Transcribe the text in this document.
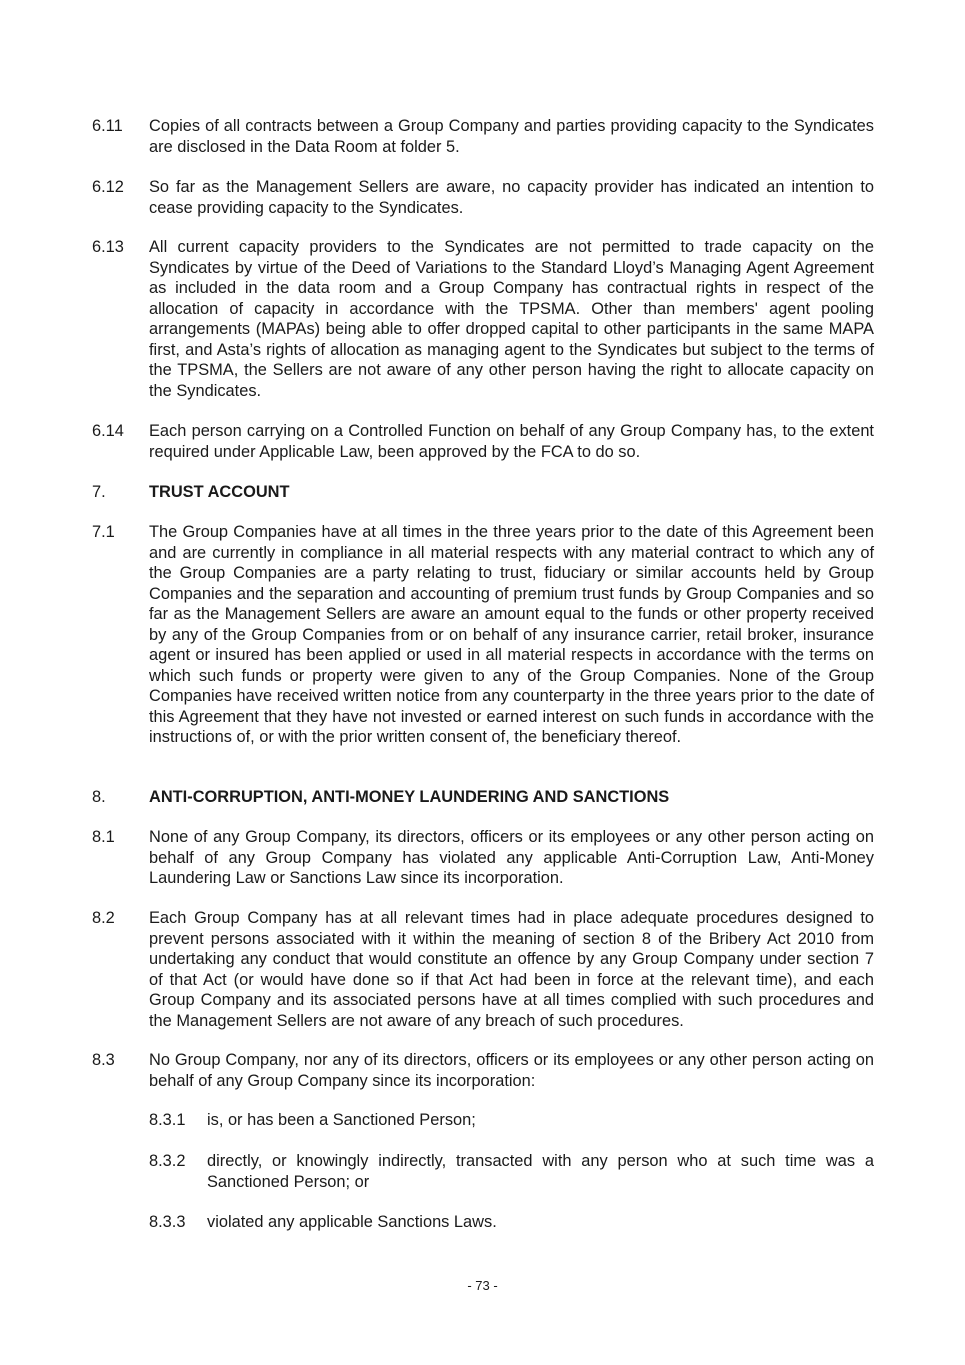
6.11 Copies of all contracts between a Group Company and parties providing capacity to the Syndicates are disclosed in the Data Room at folder 5.
6.12 So far as the Management Sellers are aware, no capacity provider has indicated an intention to cease providing capacity to the Syndicates.
6.13 All current capacity providers to the Syndicates are not permitted to trade capacity on the Syndicates by virtue of the Deed of Variations to the Standard Lloyd’s Managing Agent Agreement as included in the data room and a Group Company has contractual rights in respect of the allocation of capacity in accordance with the TPSMA. Other than members' agent pooling arrangements (MAPAs) being able to offer dropped capital to other participants in the same MAPA first, and Asta’s rights of allocation as managing agent to the Syndicates but subject to the terms of the TPSMA, the Sellers are not aware of any other person having the right to allocate capacity on the Syndicates.
6.14 Each person carrying on a Controlled Function on behalf of any Group Company has, to the extent required under Applicable Law, been approved by the FCA to do so.
7.	TRUST ACCOUNT
7.1 The Group Companies have at all times in the three years prior to the date of this Agreement been and are currently in compliance in all material respects with any material contract to which any of the Group Companies are a party relating to trust, fiduciary or similar accounts held by Group Companies and the separation and accounting of premium trust funds by Group Companies and so far as the Management Sellers are aware an amount equal to the funds or other property received by any of the Group Companies from or on behalf of any insurance carrier, retail broker, insurance agent or insured has been applied or used in all material respects in accordance with the terms on which such funds or property were given to any of the Group Companies. None of the Group Companies have received written notice from any counterparty in the three years prior to the date of this Agreement that they have not invested or earned interest on such funds in accordance with the instructions of, or with the prior written consent of, the beneficiary thereof.
8.	ANTI-CORRUPTION, ANTI-MONEY LAUNDERING AND SANCTIONS
8.1 None of any Group Company, its directors, officers or its employees or any other person acting on behalf of any Group Company has violated any applicable Anti-Corruption Law, Anti-Money Laundering Law or Sanctions Law since its incorporation.
8.2 Each Group Company has at all relevant times had in place adequate procedures designed to prevent persons associated with it within the meaning of section 8 of the Bribery Act 2010 from undertaking any conduct that would constitute an offence by any Group Company under section 7 of that Act (or would have done so if that Act had been in force at the relevant time), and each Group Company and its associated persons have at all times complied with such procedures and the Management Sellers are not aware of any breach of such procedures.
8.3 No Group Company, nor any of its directors, officers or its employees or any other person acting on behalf of any Group Company since its incorporation:
8.3.1 is, or has been a Sanctioned Person;
8.3.2 directly, or knowingly indirectly, transacted with any person who at such time was a Sanctioned Person; or
8.3.3 violated any applicable Sanctions Laws.
- 73 -
